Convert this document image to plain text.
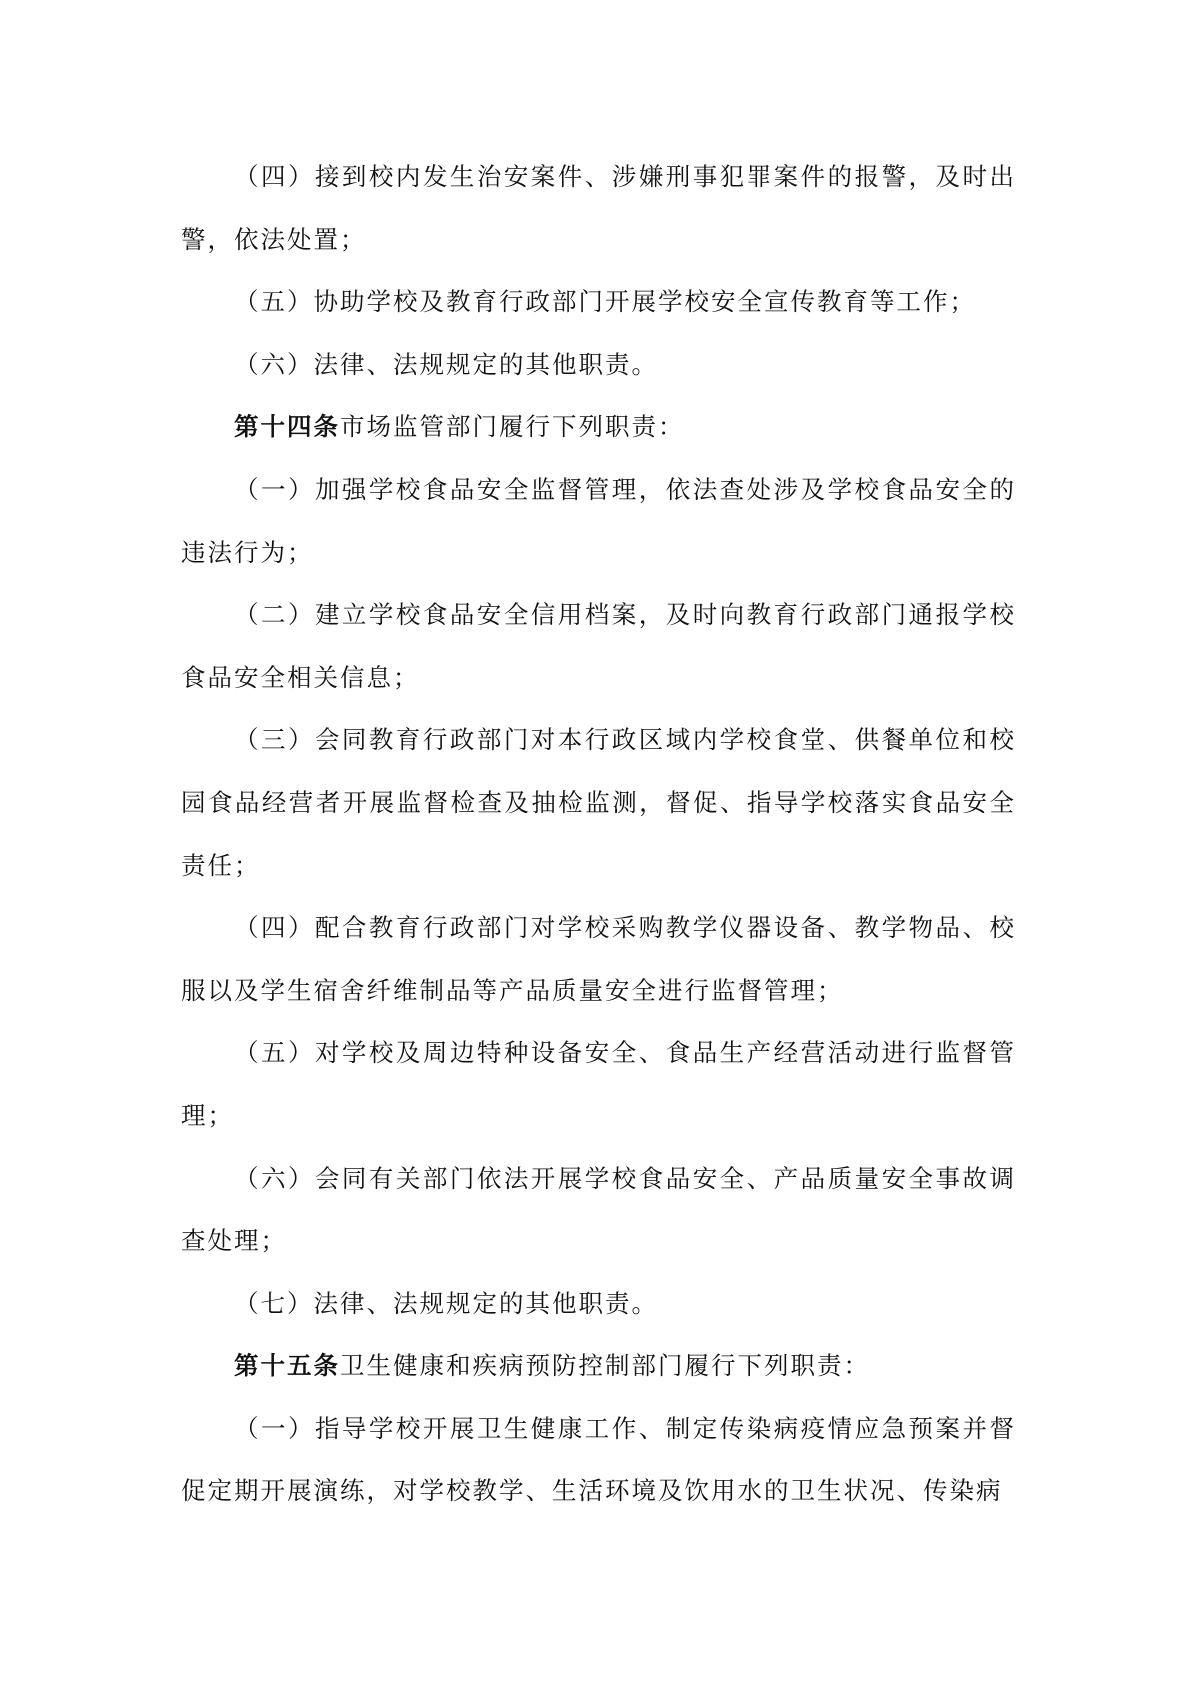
（四）接到校内发生治安案件、涉嫌刑事犯罪案件的报警，及时出警，依法处置；

（五）协助学校及教育行政部门开展学校安全宣传教育等工作；

（六）法律、法规规定的其他职责。

第十四条市场监管部门履行下列职责：

（一）加强学校食品安全监督管理，依法查处涉及学校食品安全的违法行为；

（二）建立学校食品安全信用档案，及时向教育行政部门通报学校食品安全相关信息；

（三）会同教育行政部门对本行政区域内学校食堂、供餐单位和校园食品经营者开展监督检查及抽检监测，督促、指导学校落实食品安全责任；

（四）配合教育行政部门对学校采购教学仪器设备、教学物品、校服以及学生宿舍纤维制品等产品质量安全进行监督管理；

（五）对学校及周边特种设备安全、食品生产经营活动进行监督管理；

（六）会同有关部门依法开展学校食品安全、产品质量安全事故调查处理；

（七）法律、法规规定的其他职责。

第十五条卫生健康和疾病预防控制部门履行下列职责：

（一）指导学校开展卫生健康工作、制定传染病疫情应急预案并督促定期开展演练，对学校教学、生活环境及饮用水的卫生状况、传染病
